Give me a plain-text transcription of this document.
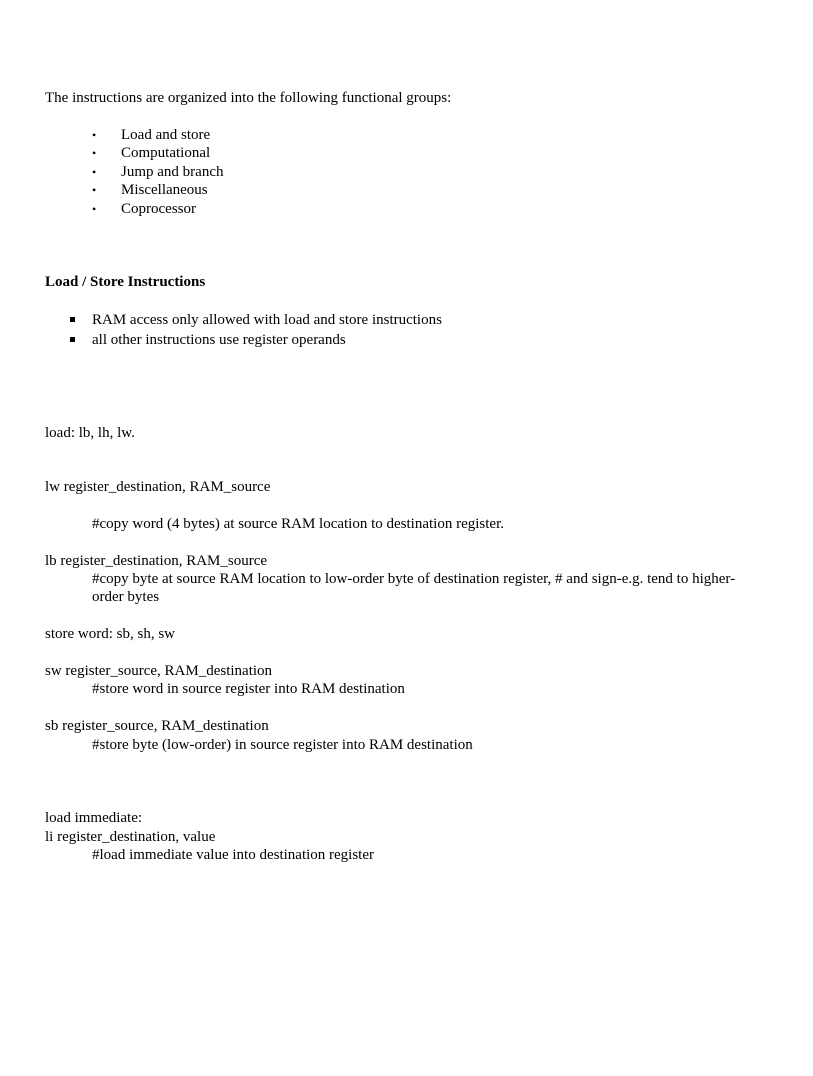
The instructions are organized into the following functional groups:
• Load and store
• Computational
• Jump and branch
• Miscellaneous
• Coprocessor
Load / Store Instructions
RAM access only allowed with load and store instructions
all other instructions use register operands
load: lb, lh, lw.
lw register_destination, RAM_source
#copy word (4 bytes) at source RAM location to destination register.
lb register_destination, RAM_source
#copy byte at source RAM location to low-order byte of destination register, # and sign-e.g. tend to higher-
order bytes
store word: sb, sh, sw
sw register_source, RAM_destination
#store word in source register into RAM destination
sb register_source, RAM_destination
#store byte (low-order) in source register into RAM destination
load immediate:
li register_destination, value
#load immediate value into destination register
